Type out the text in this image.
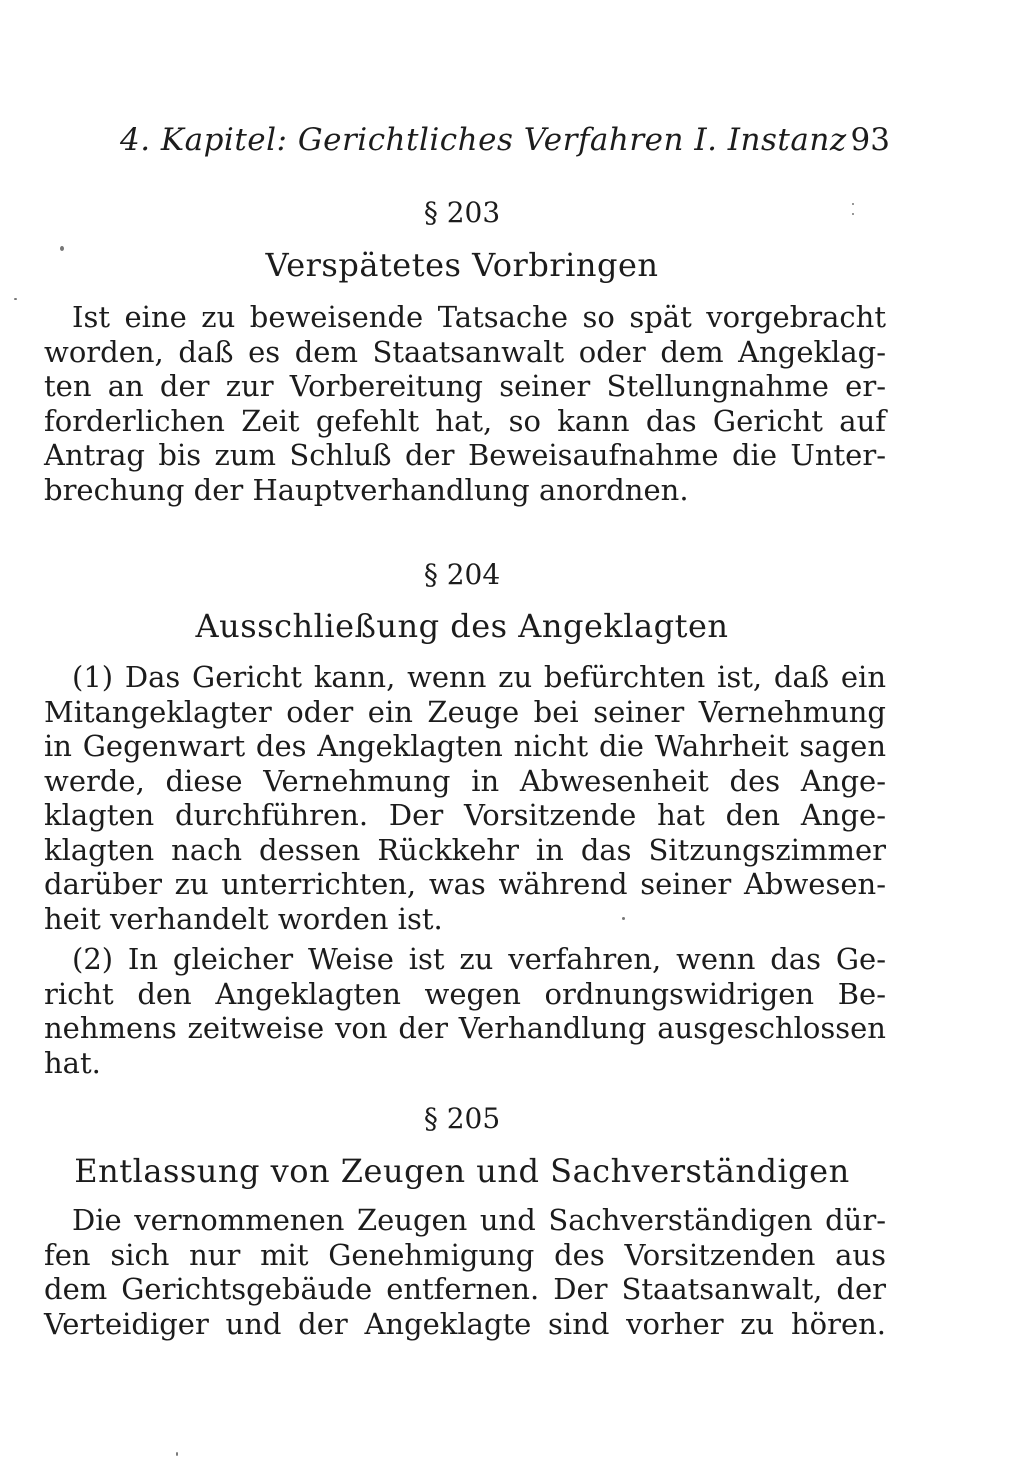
4. Kapitel: Gerichtliches Verfahren I. Instanz 93
§ 203
Verspätetes Vorbringen
Ist eine zu beweisende Tatsache so spät vorgebracht
worden, daß es dem Staatsanwalt oder dem Angeklag-
ten an der zur Vorbereitung seiner Stellungnahme er-
forderlichen Zeit gefehlt hat, so kann das Gericht auf
Antrag bis zum Schluß der Beweisaufnahme die Unter-
brechung der Hauptverhandlung anordnen.
§ 204
Ausschließung des Angeklagten
(1) Das Gericht kann, wenn zu befürchten ist, daß ein
Mitangeklagter oder ein Zeuge bei seiner Vernehmung
in Gegenwart des Angeklagten nicht die Wahrheit sagen
werde, diese Vernehmung in Abwesenheit des Ange-
klagten durchführen. Der Vorsitzende hat den Ange-
klagten nach dessen Rückkehr in das Sitzungszimmer
darüber zu unterrichten, was während seiner Abwesen-
heit verhandelt worden ist.
(2) In gleicher Weise ist zu verfahren, wenn das Ge-
richt den Angeklagten wegen ordnungswidrigen Be-
nehmens zeitweise von der Verhandlung ausgeschlossen
hat.
§ 205
Entlassung von Zeugen und Sachverständigen
Die vernommenen Zeugen und Sachverständigen dür-
fen sich nur mit Genehmigung des Vorsitzenden aus
dem Gerichtsgebäude entfernen. Der Staatsanwalt, der
Verteidiger und der Angeklagte sind vorher zu hören.
